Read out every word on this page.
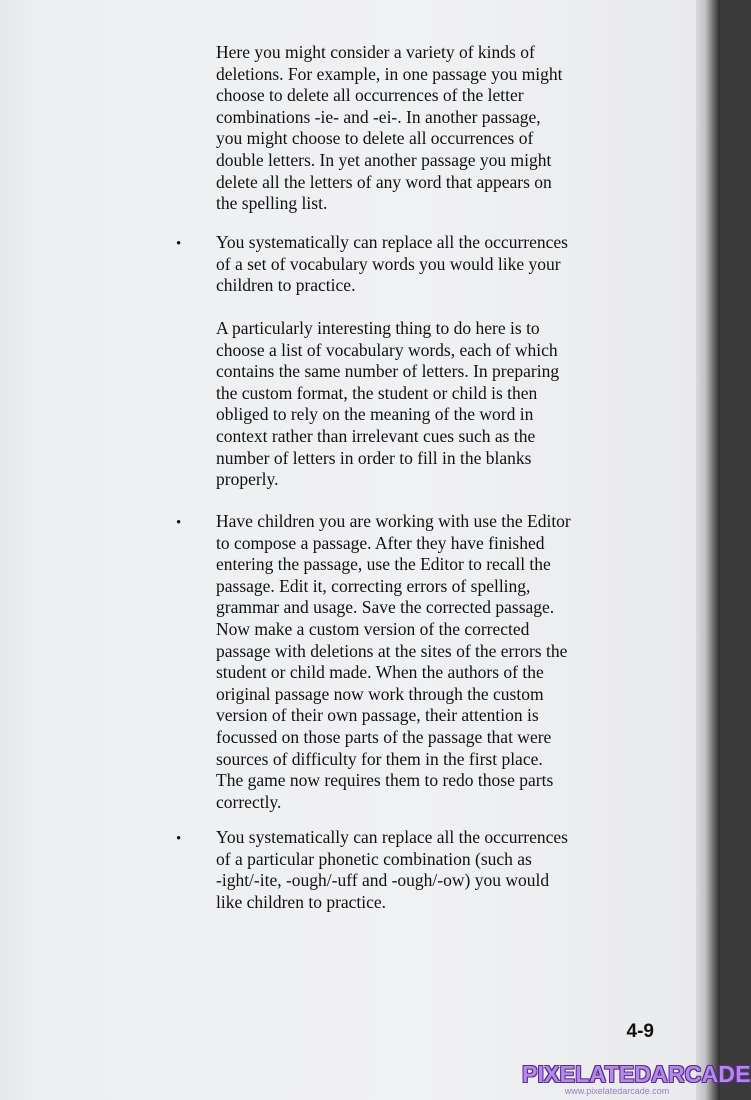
Here you might consider a variety of kinds of
deletions. For example, in one passage you might
choose to delete all occurrences of the letter
combinations -ie- and -ei-. In another passage,
you might choose to delete all occurrences of
double letters. In yet another passage you might
delete all the letters of any word that appears on
the spelling list.
• You systematically can replace all the occurrences
of a set of vocabulary words you would like your
children to practice.
A particularly interesting thing to do here is to
choose a list of vocabulary words, each of which
contains the same number of letters. In preparing
the custom format, the student or child is then
obliged to rely on the meaning of the word in
context rather than irrelevant cues such as the
number of letters in order to fill in the blanks
properly.
• Have children you are working with use the Editor
to compose a passage. After they have finished
entering the passage, use the Editor to recall the
passage. Edit it, correcting errors of spelling,
grammar and usage. Save the corrected passage.
Now make a custom version of the corrected
passage with deletions at the sites of the errors the
student or child made. When the authors of the
original passage now work through the custom
version of their own passage, their attention is
focussed on those parts of the passage that were
sources of difficulty for them in the first place.
The game now requires them to redo those parts
correctly.
• You systematically can replace all the occurrences
of a particular phonetic combination (such as
-ight/-ite, -ough/-uff and -ough/-ow) you would
like children to practice.
4-9
PIXELATEDARCADE
www.pixelatedarcade.com
